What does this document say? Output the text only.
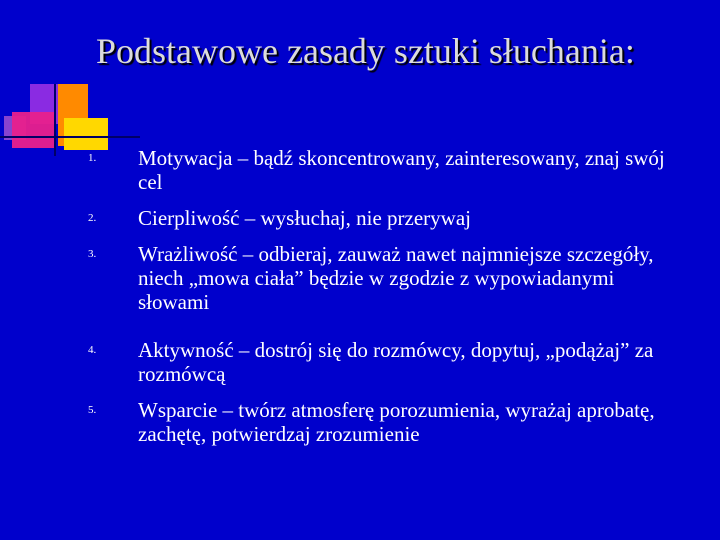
Podstawowe zasady sztuki słuchania:
1.	Motywacja – bądź skoncentrowany, zainteresowany, znaj swój cel
2.	Cierpliwość – wysłuchaj, nie przerywaj
3.	Wrażliwość – odbieraj, zauważ nawet najmniejsze szczegóły, niech „mowa ciała” będzie w zgodzie z wypowiadanymi słowami
4.	Aktywność – dostrój się do rozmówcy, dopytuj, „podążaj” za rozmówcą
5.	Wsparcie – twórz atmosferę porozumienia, wyrażaj aprobatę, zachętę, potwierdzaj zrozumienie
